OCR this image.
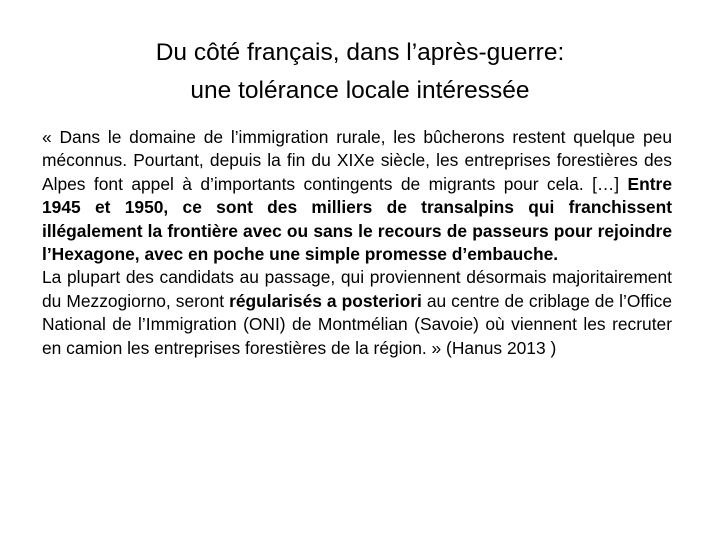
Du côté français, dans l’après-guerre:
une tolérance locale intéressée

« Dans le domaine de l’immigration rurale, les bûcherons restent quelque peu méconnus. Pourtant, depuis la fin du XIXe siècle, les entreprises forestières des Alpes font appel à d’importants contingents de migrants pour cela. […] Entre 1945 et 1950, ce sont des milliers de transalpins qui franchissent illégalement la frontière avec ou sans le recours de passeurs pour rejoindre l’Hexagone, avec en poche une simple promesse d’embauche.

La plupart des candidats au passage, qui proviennent désormais majoritairement du Mezzogiorno, seront régularisés a posteriori au centre de criblage de l’Office National de l’Immigration (ONI) de Montmélian (Savoie) où viennent les recruter en camion les entreprises forestières de la région. » (Hanus 2013 )
